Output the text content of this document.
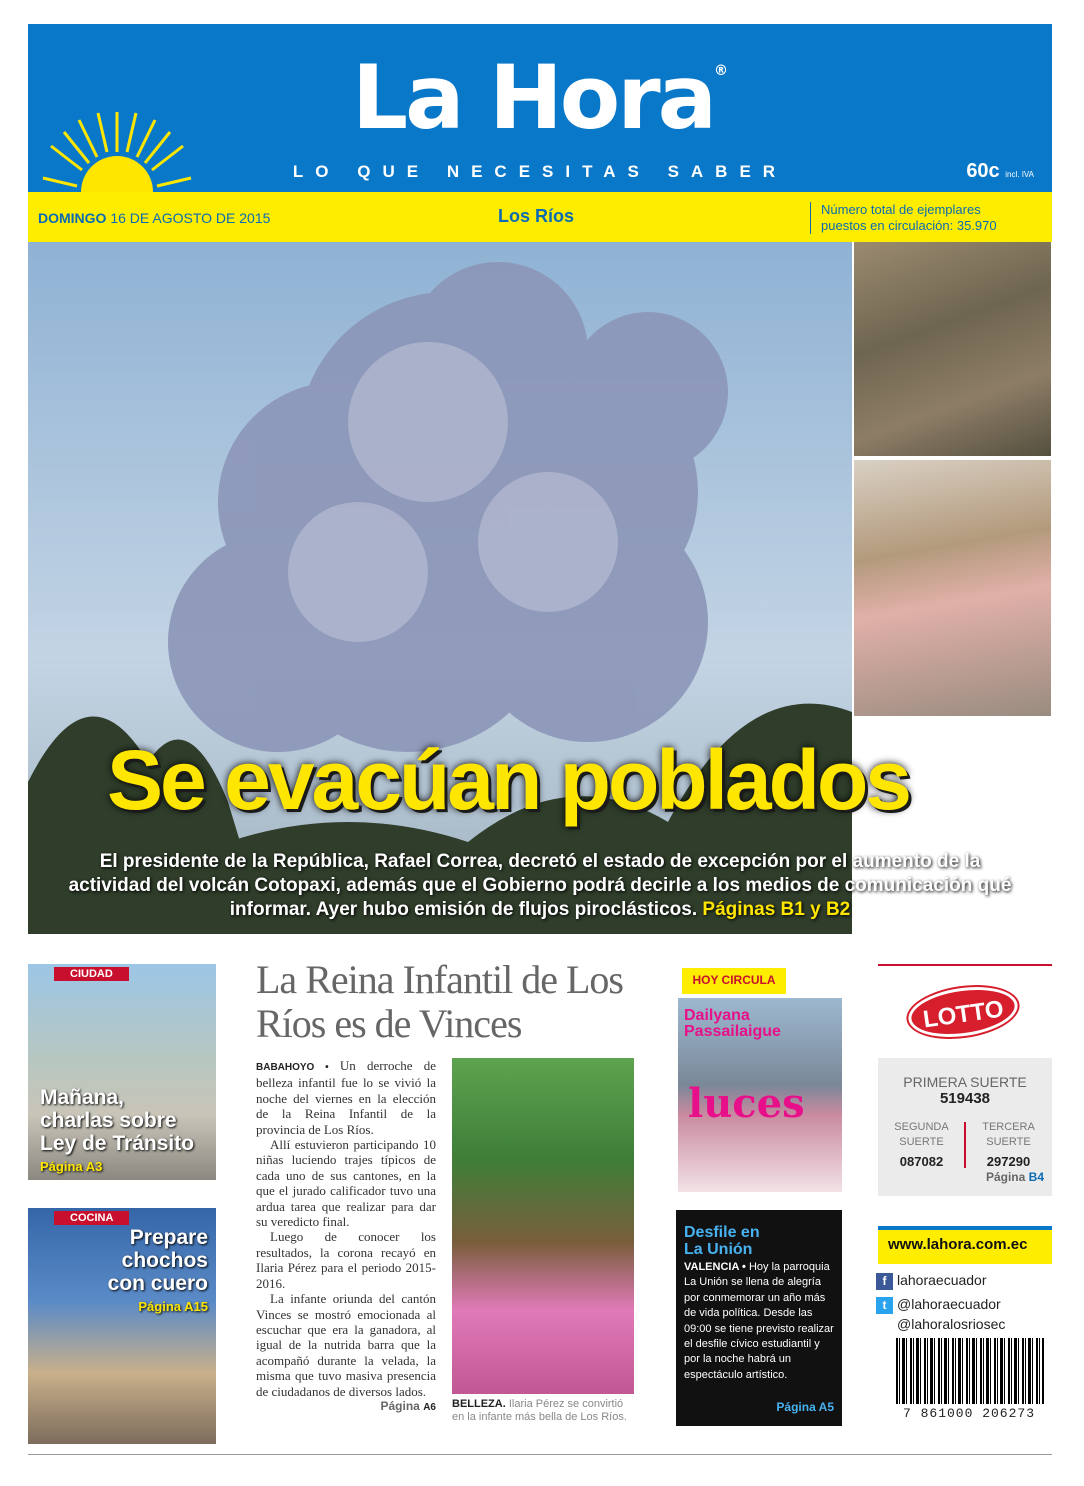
La Hora®
LO QUE NECESITAS SABER	60c incl. IVA
DOMINGO 16 DE AGOSTO DE 2015	Los Ríos	Número total de ejemplares
puestos en circulación: 35.970
Se evacúan poblados
El presidente de la República, Rafael Correa, decretó el estado de excepción por el aumento de la actividad del volcán Cotopaxi, además que el Gobierno podrá decirle a los medios de comunicación qué informar. Ayer hubo emisión de flujos piroclásticos. Páginas B1 y B2
CIUDAD
Mañana,
charlas sobre
Ley de Tránsito
Página A3
COCINA
Prepare
chochos
con cuero
Página A15
La Reina Infantil de Los Ríos es de Vinces

BABAHOYO • Un derroche de belleza infantil fue lo se vivió la noche del viernes en la elección de la Reina Infantil de la provincia de Los Ríos.

Allí estuvieron participando 10 niñas luciendo trajes típicos de cada uno de sus cantones, en la que el jurado calificador tuvo una ardua tarea que realizar para dar su veredicto final.

Luego de conocer los resultados, la corona recayó en Ilaria Pérez para el periodo 2015-2016.

La infante oriunda del cantón Vinces se mostró emocionada al escuchar que era la ganadora, al igual de la nutrida barra que la acompañó durante la velada, la misma que tuvo masiva presencia de ciudadanos de diversos lados.

Página A6 BELLEZA. Ilaria Pérez se convirtió en la infante más bella de Los Ríos.
HOY CIRCULA
Dailyana Passailaigue
luces
Desfile en
La Unión

VALENCIA • Hoy la parroquia La Unión se llena de alegría por conmemorar un año más de vida política. Desde las 09:00 se tiene previsto realizar el desfile cívico estudiantil y por la noche habrá un espectáculo artístico.

Página A5
PRIMERA SUERTE
519438
SEGUNDA
SUERTE
TERCERA
SUERTE
087082	297290
Página B4
LOTTO
www.lahora.com.ec
f lahoraecuador
t @lahoraecuador
@lahoralosriosec
7 861000 206273
